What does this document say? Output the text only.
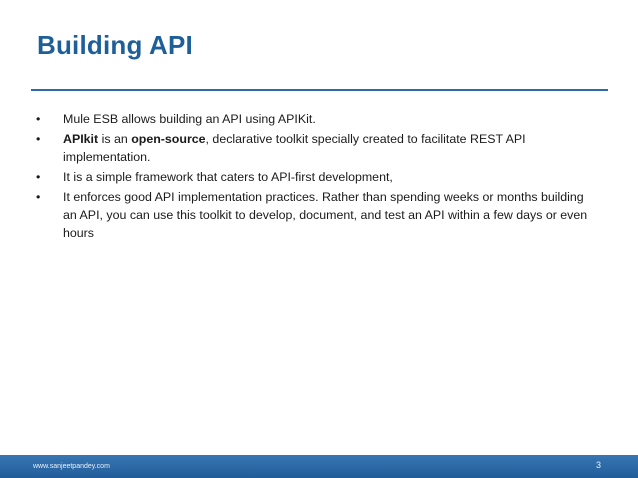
Building API
• Mule ESB allows building an API using APIKit.
• APIkit is an open-source, declarative toolkit specially created to facilitate REST API implementation.
• It is a simple framework that caters to API-first development,
• It enforces good API implementation practices. Rather than spending weeks or months building an API, you can use this toolkit to develop, document, and test an API within a few days or even hours
www.sanjeetpandey.com	3
